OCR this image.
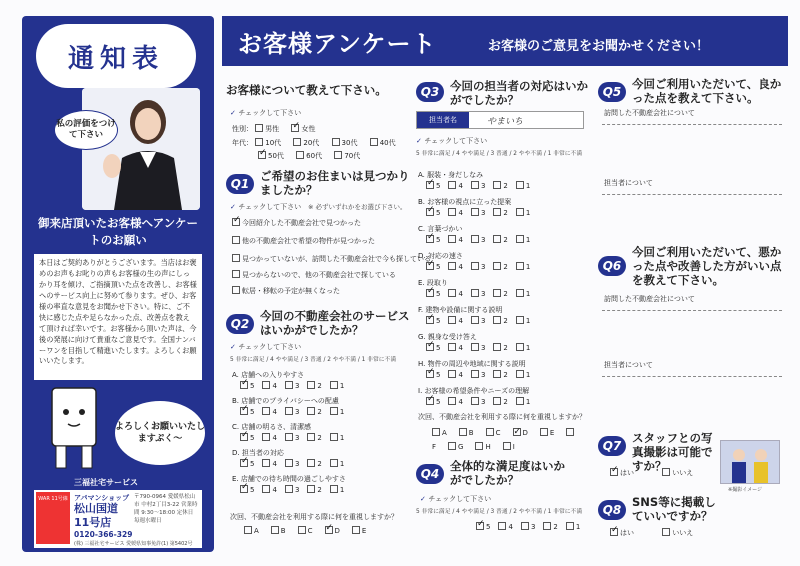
通知表
私の評価をつけて下さい
御来店頂いたお客様へアンケートのお願い
本日はご契約ありがとうございます。当店はお褒めのお声もお叱りの声もお客様の生の声にしっかり耳を傾け、ご指摘頂いた点を改善し、お客様へのサービス向上に努めて参ります。ぜひ、お客様の率直な意見をお聞かせ下さい。特に、ご不快に感じた点や足らなかった点、改善点を教えて頂ければ幸いです。お客様から頂いた声は、今後の発展に向けて貴重なご意見です。全国ナンバーワンを目指して精進いたします。よろしくお願いいたします。
よろしくお願いいたしますぷく〜
三福社宅サービス
WAR 11号線 アパマンショップ
松山国道
11号店
〒790-0964 愛媛県松山市 中村2丁目3-22 営業時間 9:30〜18:00 定休日 毎週水曜日
0120-366-329
(株) 三福社宅サービス 愛媛県知事免許(1) 第5402号
お客様アンケート	お客様のご意見をお聞かせください！
お客様について教えて下さい。
✓ チェックして下さい
性別： 男性 ✓	女性
年代： 10代	20代	30代	40代
✓50代	60代	70代
Q1
ご希望のお住まいは見つかりましたか？
✓ チェックして下さい ※ 必ずいずれかをお選び下さい。
✓今回紹介した不動産会社で見つかった
他の不動産会社で希望の物件が見つかった
見つかっていないが、訪問した不動産会社で今も探している
見つからないので、他の不動産会社で探している
転居・移転の予定が無くなった
Q2
今回の不動産会社のサービスはいかがでしたか？
✓ チェックして下さい
5 非常に満足 / 4 やや満足 / 3 普通 / 2 やや不満 / 1 非常に不満
A. 店舗への入りやすさ
✓5	4	3	2	1
B. 店舗でのプライバシーへの配慮
✓5	4	3	2	1
C. 店舗の明るさ、清潔感
✓5	4	3	2	1
D. 担当者の対応
✓5	4	3	2	1
E. 店舗での待ち時間の過ごしやすさ
✓5	4	3	2	1
次回、不動産会社を利用する際に何を重視しますか？
A	B	C ✓	D	E
Q3 今回の担当者の対応はいかがでしたか？
担当者名	やまいち
✓ チェックして下さい
5 非常に満足 / 4 やや満足 / 3 普通 / 2 やや不満 / 1 非常に不満
A. 服装・身だしなみ
✓5	4	3	2	1
B. お客様の視点に立った提案
✓5	4	3	2	1
C. 言葉づかい
✓5	4	3	2	1
D. 対応の速さ
✓5	4	3	2	1
E. 段取り
✓5	4	3	2	1
F. 建物や設備に関する説明
✓5	4	3	2	1
G. 親身な受け答え
✓5	4	3	2	1
H. 物件の周辺や地域に関する説明
✓5	4	3	2	1
I. お客様の希望条件やニーズの理解
✓5	4	3	2	1
次回、不動産会社を利用する際に何を重視しますか？
A	B	C ✓	D	EF	G	H	I
Q4
全体的な満足度はいかがでしたか？
✓ チェックして下さい
5 非常に満足 / 4 やや満足 / 3 普通 / 2 やや不満 / 1 非常に不満
✓5	4	3	2	1
Q5
今回ご利用いただいて、良かった点を教えて下さい。
訪問した不動産会社について
担当者について
Q6
今回ご利用いただいて、悪かった点や改善した方がいい点を教えて下さい。
訪問した不動産会社について
担当者について
Q7
スタッフとの写真撮影は可能ですか？
✓はい	いいえ
※撮影イメージ
Q8
SNS等に掲載していいですか？
✓はい	いいえ
